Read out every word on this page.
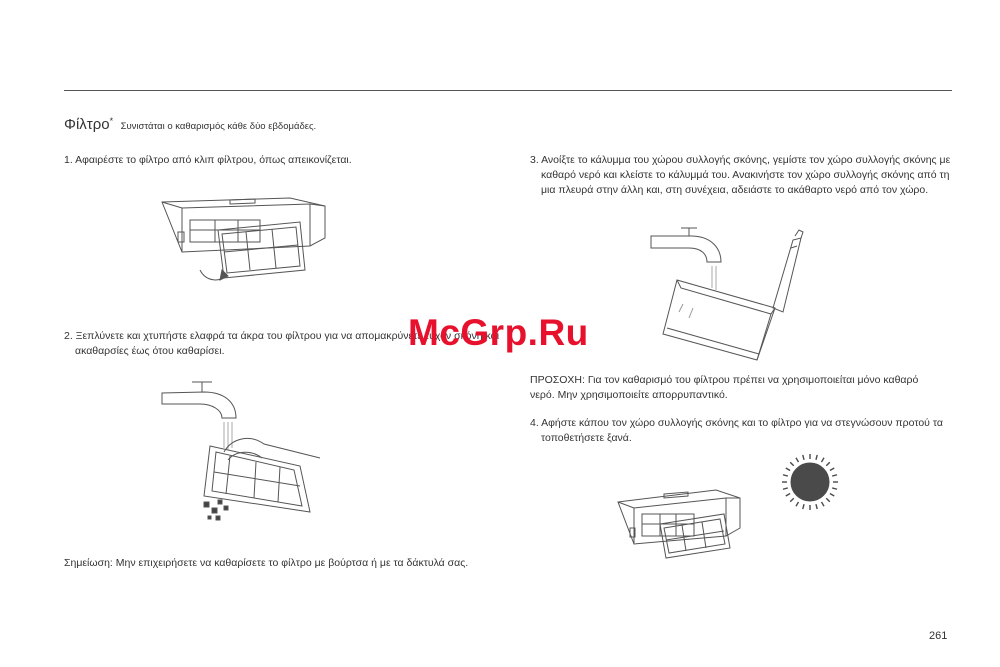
Φίλτρο* Συνιστάται ο καθαρισμός κάθε δύο εβδομάδες.
1. Αφαιρέστε το φίλτρο από κλιπ φίλτρου, όπως απεικονίζεται.
2. Ξεπλύνετε και χτυπήστε ελαφρά τα άκρα του φίλτρου για να απομακρύνετε τυχόν σκόνη και ακαθαρσίες έως ότου καθαρίσει.
Σημείωση: Μην επιχειρήσετε να καθαρίσετε το φίλτρο με βούρτσα ή με τα δάκτυλά σας.
3. Ανοίξτε το κάλυμμα του χώρου συλλογής σκόνης, γεμίστε τον χώρο συλλογής σκόνης με καθαρό νερό και κλείστε το κάλυμμά του. Ανακινήστε τον χώρο συλλογής σκόνης από τη μια πλευρά στην άλλη και, στη συνέχεια, αδειάστε το ακάθαρτο νερό από τον χώρο.
ΠΡΟΣΟΧΗ: Για τον καθαρισμό του φίλτρου πρέπει να χρησιμοποιείται μόνο καθαρό νερό. Μην χρησιμοποιείτε απορρυπαντικό.
4. Αφήστε κάπου τον χώρο συλλογής σκόνης και το φίλτρο για να στεγνώσουν προτού τα τοποθετήσετε ξανά.
McGrp.Ru
261
